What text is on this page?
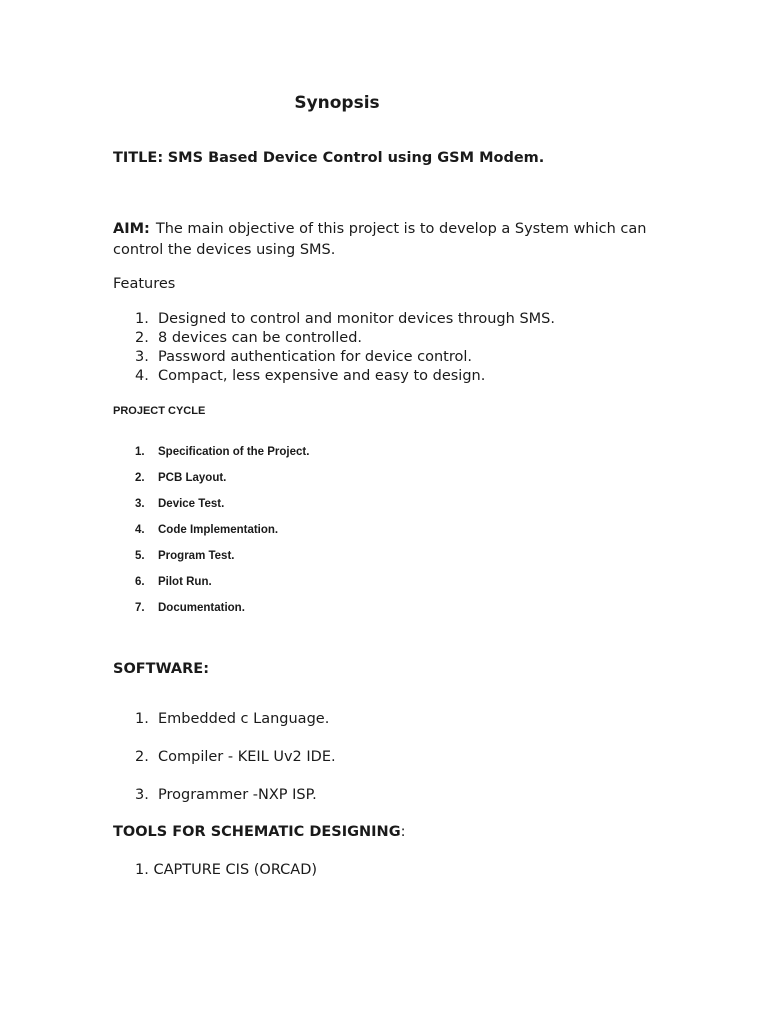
Synopsis
TITLE: SMS Based Device Control using GSM Modem.
AIM: The main objective of this project is to develop a System which can control the devices using SMS.
Features
1. Designed to control and monitor devices through SMS.
2. 8 devices can be controlled.
3. Password authentication for device control.
4. Compact, less expensive and easy to design.
PROJECT CYCLE
1. Specification of the Project.
2. PCB Layout.
3. Device Test.
4. Code Implementation.
5. Program Test.
6. Pilot Run.
7. Documentation.
SOFTWARE:
1. Embedded c Language.
2. Compiler - KEIL Uv2 IDE.
3. Programmer -NXP ISP.
TOOLS FOR SCHEMATIC DESIGNING:
1. CAPTURE CIS (ORCAD)
